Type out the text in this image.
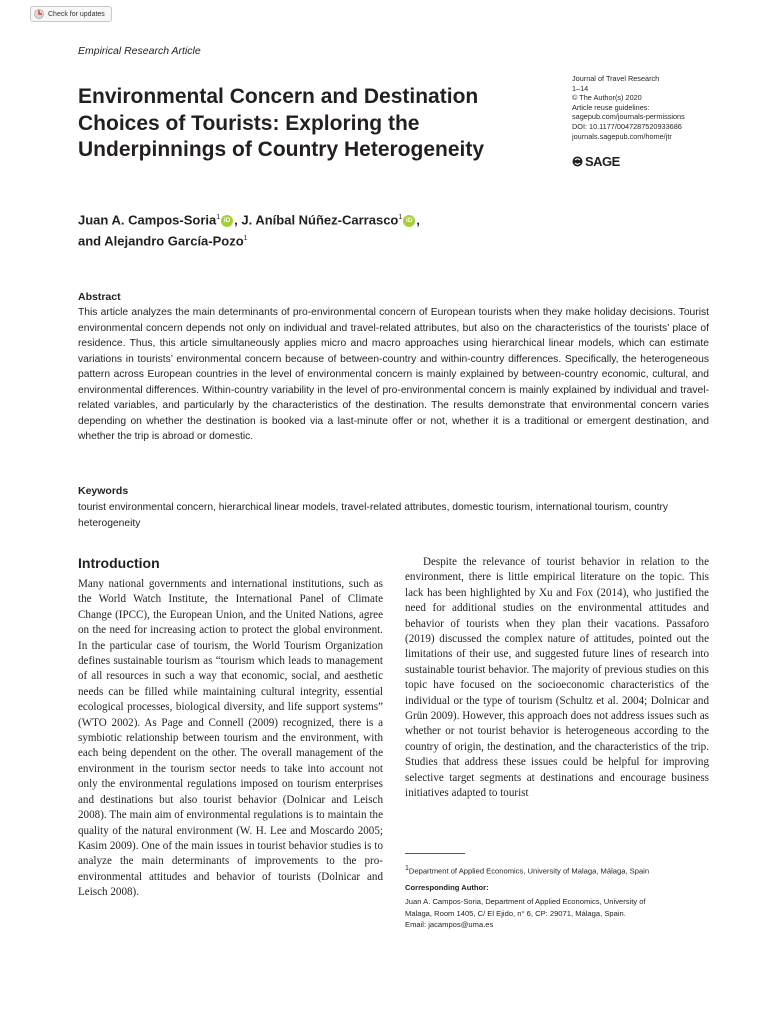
Check for updates
Empirical Research Article
Environmental Concern and Destination
Choices of Tourists: Exploring the
Underpinnings of Country Heterogeneity
Journal of Travel Research
1–14
© The Author(s) 2020
Article reuse guidelines:
sagepub.com/journals-permissions
DOI: 10.1177/0047287520933686
journals.sagepub.com/home/jtr
SAGE
Juan A. Campos-Soria$^1$ iD , J. Aníbal Núñez-Carrasco$^1$ iD ,
and Alejandro García-Pozo$^1$
Abstract
This article analyzes the main determinants of pro-environmental concern of European tourists when they make holiday decisions. Tourist environmental concern depends not only on individual and travel-related attributes, but also on the characteristics of the tourists’ place of residence. Thus, this article simultaneously applies micro and macro approaches using hierarchical linear models, which can estimate variations in tourists’ environmental concern because of between-country and within-country differences. Specifically, the heterogeneous pattern across European countries in the level of environmental concern is mainly explained by between-country economic, cultural, and environmental differences. Within-country variability in the level of pro-environmental concern is mainly explained by individual and travel-related variables, and particularly by the characteristics of the destination. The results demonstrate that environmental concern varies depending on whether the destination is booked via a last-minute offer or not, whether it is a traditional or emergent destination, and whether the trip is abroad or domestic.
Keywords
tourist environmental concern, hierarchical linear models, travel-related attributes, domestic tourism, international tourism, country heterogeneity
Introduction
Many national governments and international institutions, such as the World Watch Institute, the International Panel of Climate Change (IPCC), the European Union, and the United Nations, agree on the need for increasing action to protect the global environment. In the particular case of tourism, the World Tourism Organization defines sustainable tourism as “tourism which leads to management of all resources in such a way that economic, social, and aesthetic needs can be filled while maintaining cultural integrity, essential ecological processes, biological diversity, and life support systems” (WTO 2002). As Page and Connell (2009) recognized, there is a symbiotic relationship between tourism and the environment, with each being dependent on the other. The overall management of the environment in the tourism sector needs to take into account not only the environmental regulations imposed on tourism enterprises and destinations but also tourist behavior (Dolnicar and Leisch 2008). The main aim of environmental regulations is to maintain the quality of the natural environment (W. H. Lee and Moscardo 2005; Kasim 2009). One of the main issues in tourist behavior studies is to analyze the main determinants of improvements to the pro-environmental attitudes and behavior of tourists (Dolnicar and Leisch 2008).
Despite the relevance of tourist behavior in relation to the environment, there is little empirical literature on the topic. This lack has been highlighted by Xu and Fox (2014), who justified the need for additional studies on the environmental attitudes and behavior of tourists when they plan their vacations. Passaforo (2019) discussed the complex nature of attitudes, pointed out the limitations of their use, and suggested future lines of research into sustainable tourist behavior. The majority of previous studies on this topic have focused on the socioeconomic characteristics of the individual or the type of tourism (Schultz et al. 2004; Dolnicar and Grün 2009). However, this approach does not address issues such as whether or not tourist behavior is heterogeneous according to the country of origin, the destination, and the characteristics of the trip. Studies that address these issues could be helpful for improving selective target segments at destinations and encourage business initiatives adapted to tourist
$^1$Department of Applied Economics, University of Malaga, Málaga, Spain
Corresponding Author:
Juan A. Campos-Soria, Department of Applied Economics, University of
Malaga, Room 1405, C/ El Ejido, n° 6, CP: 29071, Málaga, Spain.
Email: jacampos@uma.es
